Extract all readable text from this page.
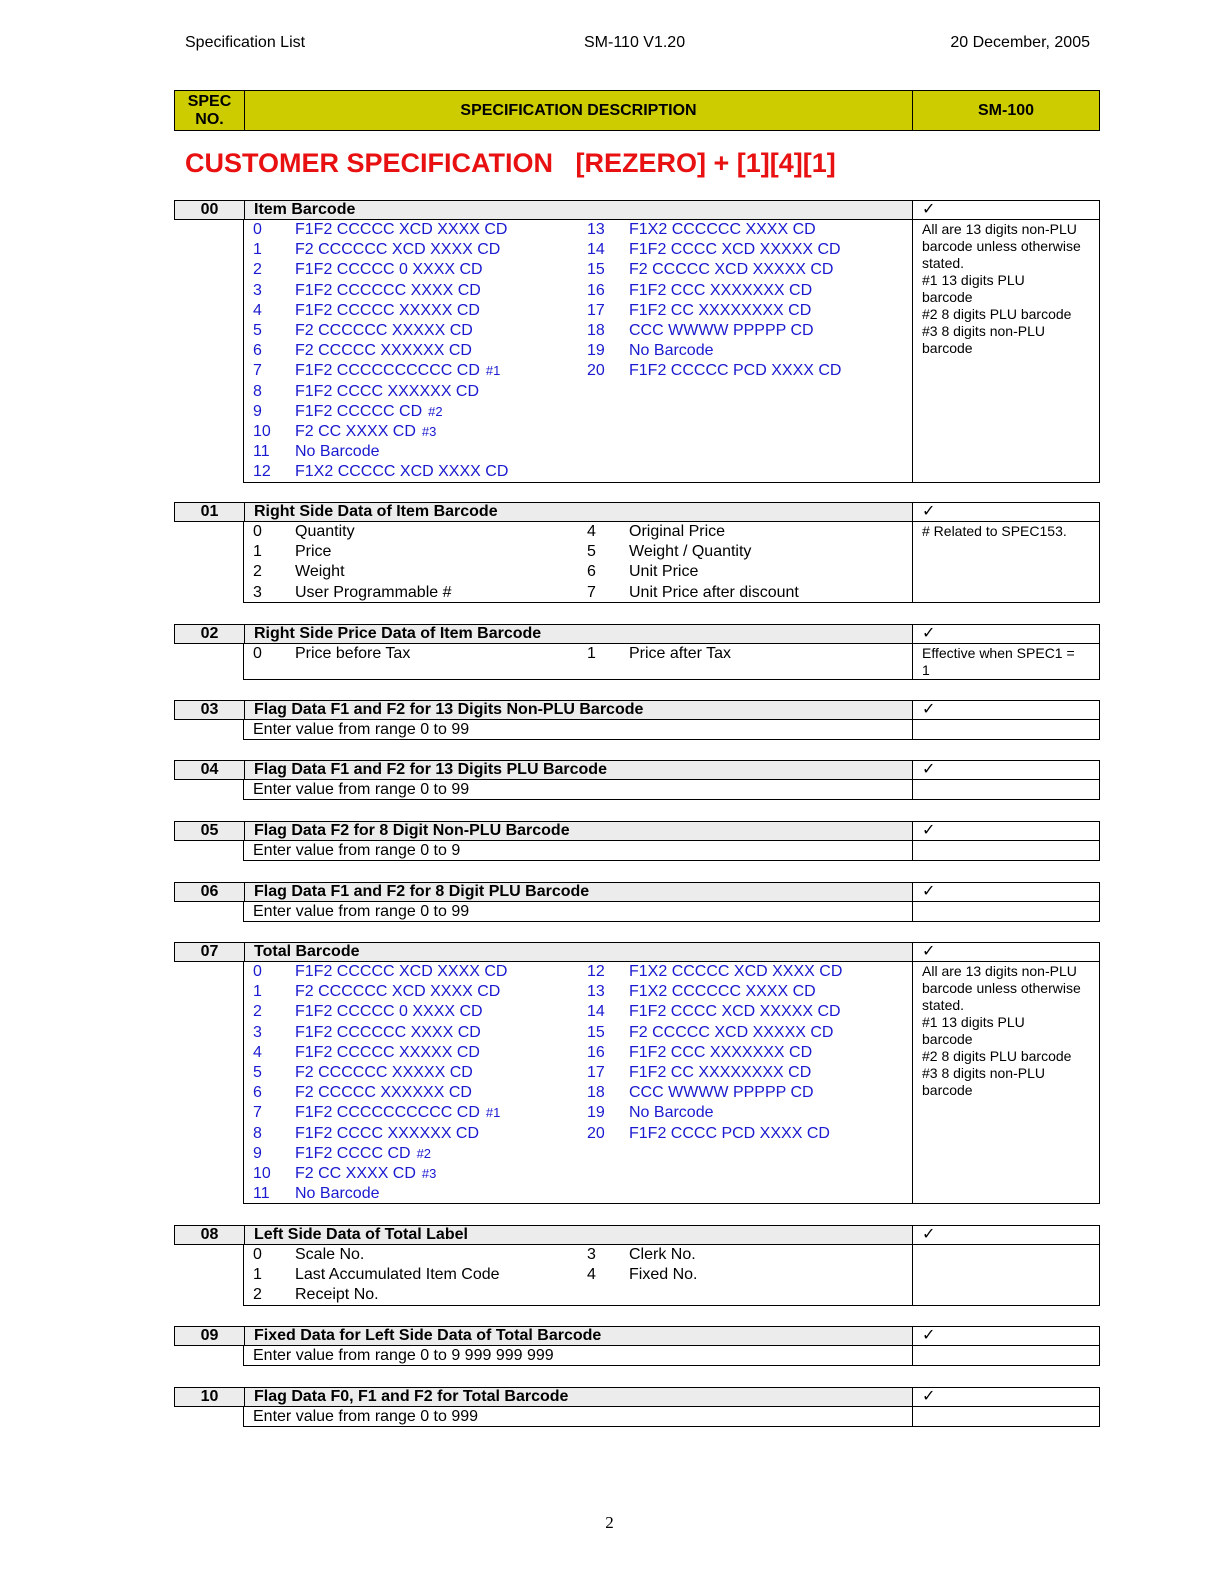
Specification List	SM-110 V1.20	20 December, 2005
SPEC NO.
SPECIFICATION DESCRIPTION	SM-100
CUSTOMER SPECIFICATION   [REZERO] + [1][4][1]
00	Item Barcode	✓
0	F1F2 CCCCC XCD XXXX CD
1	F2 CCCCCC XCD XXXX CD
2	F1F2 CCCCC 0 XXXX CD
3	F1F2 CCCCCC XXXX CD
4	F1F2 CCCCC XXXXX CD
5	F2 CCCCCC XXXXX CD
6	F2 CCCCC XXXXXX CD
7	F1F2 CCCCCCCCCC CD #1
8	F1F2 CCCC XXXXXX CD
9	F1F2 CCCCC CD #2
10	F2 CC XXXX CD #3
11	No Barcode
12	F1X2 CCCCC XCD XXXX CD
13	F1X2 CCCCCC XXXX CD
14	F1F2 CCCC XCD XXXXX CD
15	F2 CCCCC XCD XXXXX CD
16	F1F2 CCC XXXXXXX CD
17	F1F2 CC XXXXXXXX CD
18	CCC WWWW PPPPP CD
19	No Barcode
20	F1F2 CCCCC PCD XXXX CD
All are 13 digits non-PLU barcode unless otherwise stated.
#1 13 digits PLU
barcode
#2 8 digits PLU barcode
#3 8 digits non-PLU
barcode
01	Right Side Data of Item Barcode	✓
0	Quantity
1	Price
2	Weight
3	User Programmable #
4	Original Price
5	Weight / Quantity
6	Unit Price
7	Unit Price after discount
# Related to SPEC153.
02	Right Side Price Data of Item Barcode	✓
0	Price before Tax	1	Price after Tax	Effective when SPEC1 =
1
03	Flag Data F1 and F2 for 13 Digits Non-PLU Barcode	✓
Enter value from range 0 to 99
04	Flag Data F1 and F2 for 13 Digits PLU Barcode	✓
Enter value from range 0 to 99
05	Flag Data F2 for 8 Digit Non-PLU Barcode	✓
Enter value from range 0 to 9
06	Flag Data F1 and F2 for 8 Digit PLU Barcode	✓
Enter value from range 0 to 99
07	Total Barcode	✓
0	F1F2 CCCCC XCD XXXX CD
1	F2 CCCCCC XCD XXXX CD
2	F1F2 CCCCC 0 XXXX CD
3	F1F2 CCCCCC XXXX CD
4	F1F2 CCCCC XXXXX CD
5	F2 CCCCCC XXXXX CD
6	F2 CCCCC XXXXXX CD
7	F1F2 CCCCCCCCCC CD #1
8	F1F2 CCCC XXXXXX CD
9	F1F2 CCCC CD #2
10	F2 CC XXXX CD #3
11	No Barcode
12	F1X2 CCCCC XCD XXXX CD
13	F1X2 CCCCCC XXXX CD
14	F1F2 CCCC XCD XXXXX CD
15	F2 CCCCC XCD XXXXX CD
16	F1F2 CCC XXXXXXX CD
17	F1F2 CC XXXXXXXX CD
18	CCC WWWW PPPPP CD
19	No Barcode
20	F1F2 CCCC PCD XXXX CD
All are 13 digits non-PLU barcode unless otherwise stated.
#1 13 digits PLU
barcode
#2 8 digits PLU barcode
#3 8 digits non-PLU
barcode
08	Left Side Data of Total Label	✓
0	Scale No.
1	Last Accumulated Item Code
2	Receipt No.
3	Clerk No.
4	Fixed No.
09	Fixed Data for Left Side Data of Total Barcode	✓
Enter value from range 0 to 9 999 999 999
10	Flag Data F0, F1 and F2 for Total Barcode	✓
Enter value from range 0 to 999
2
